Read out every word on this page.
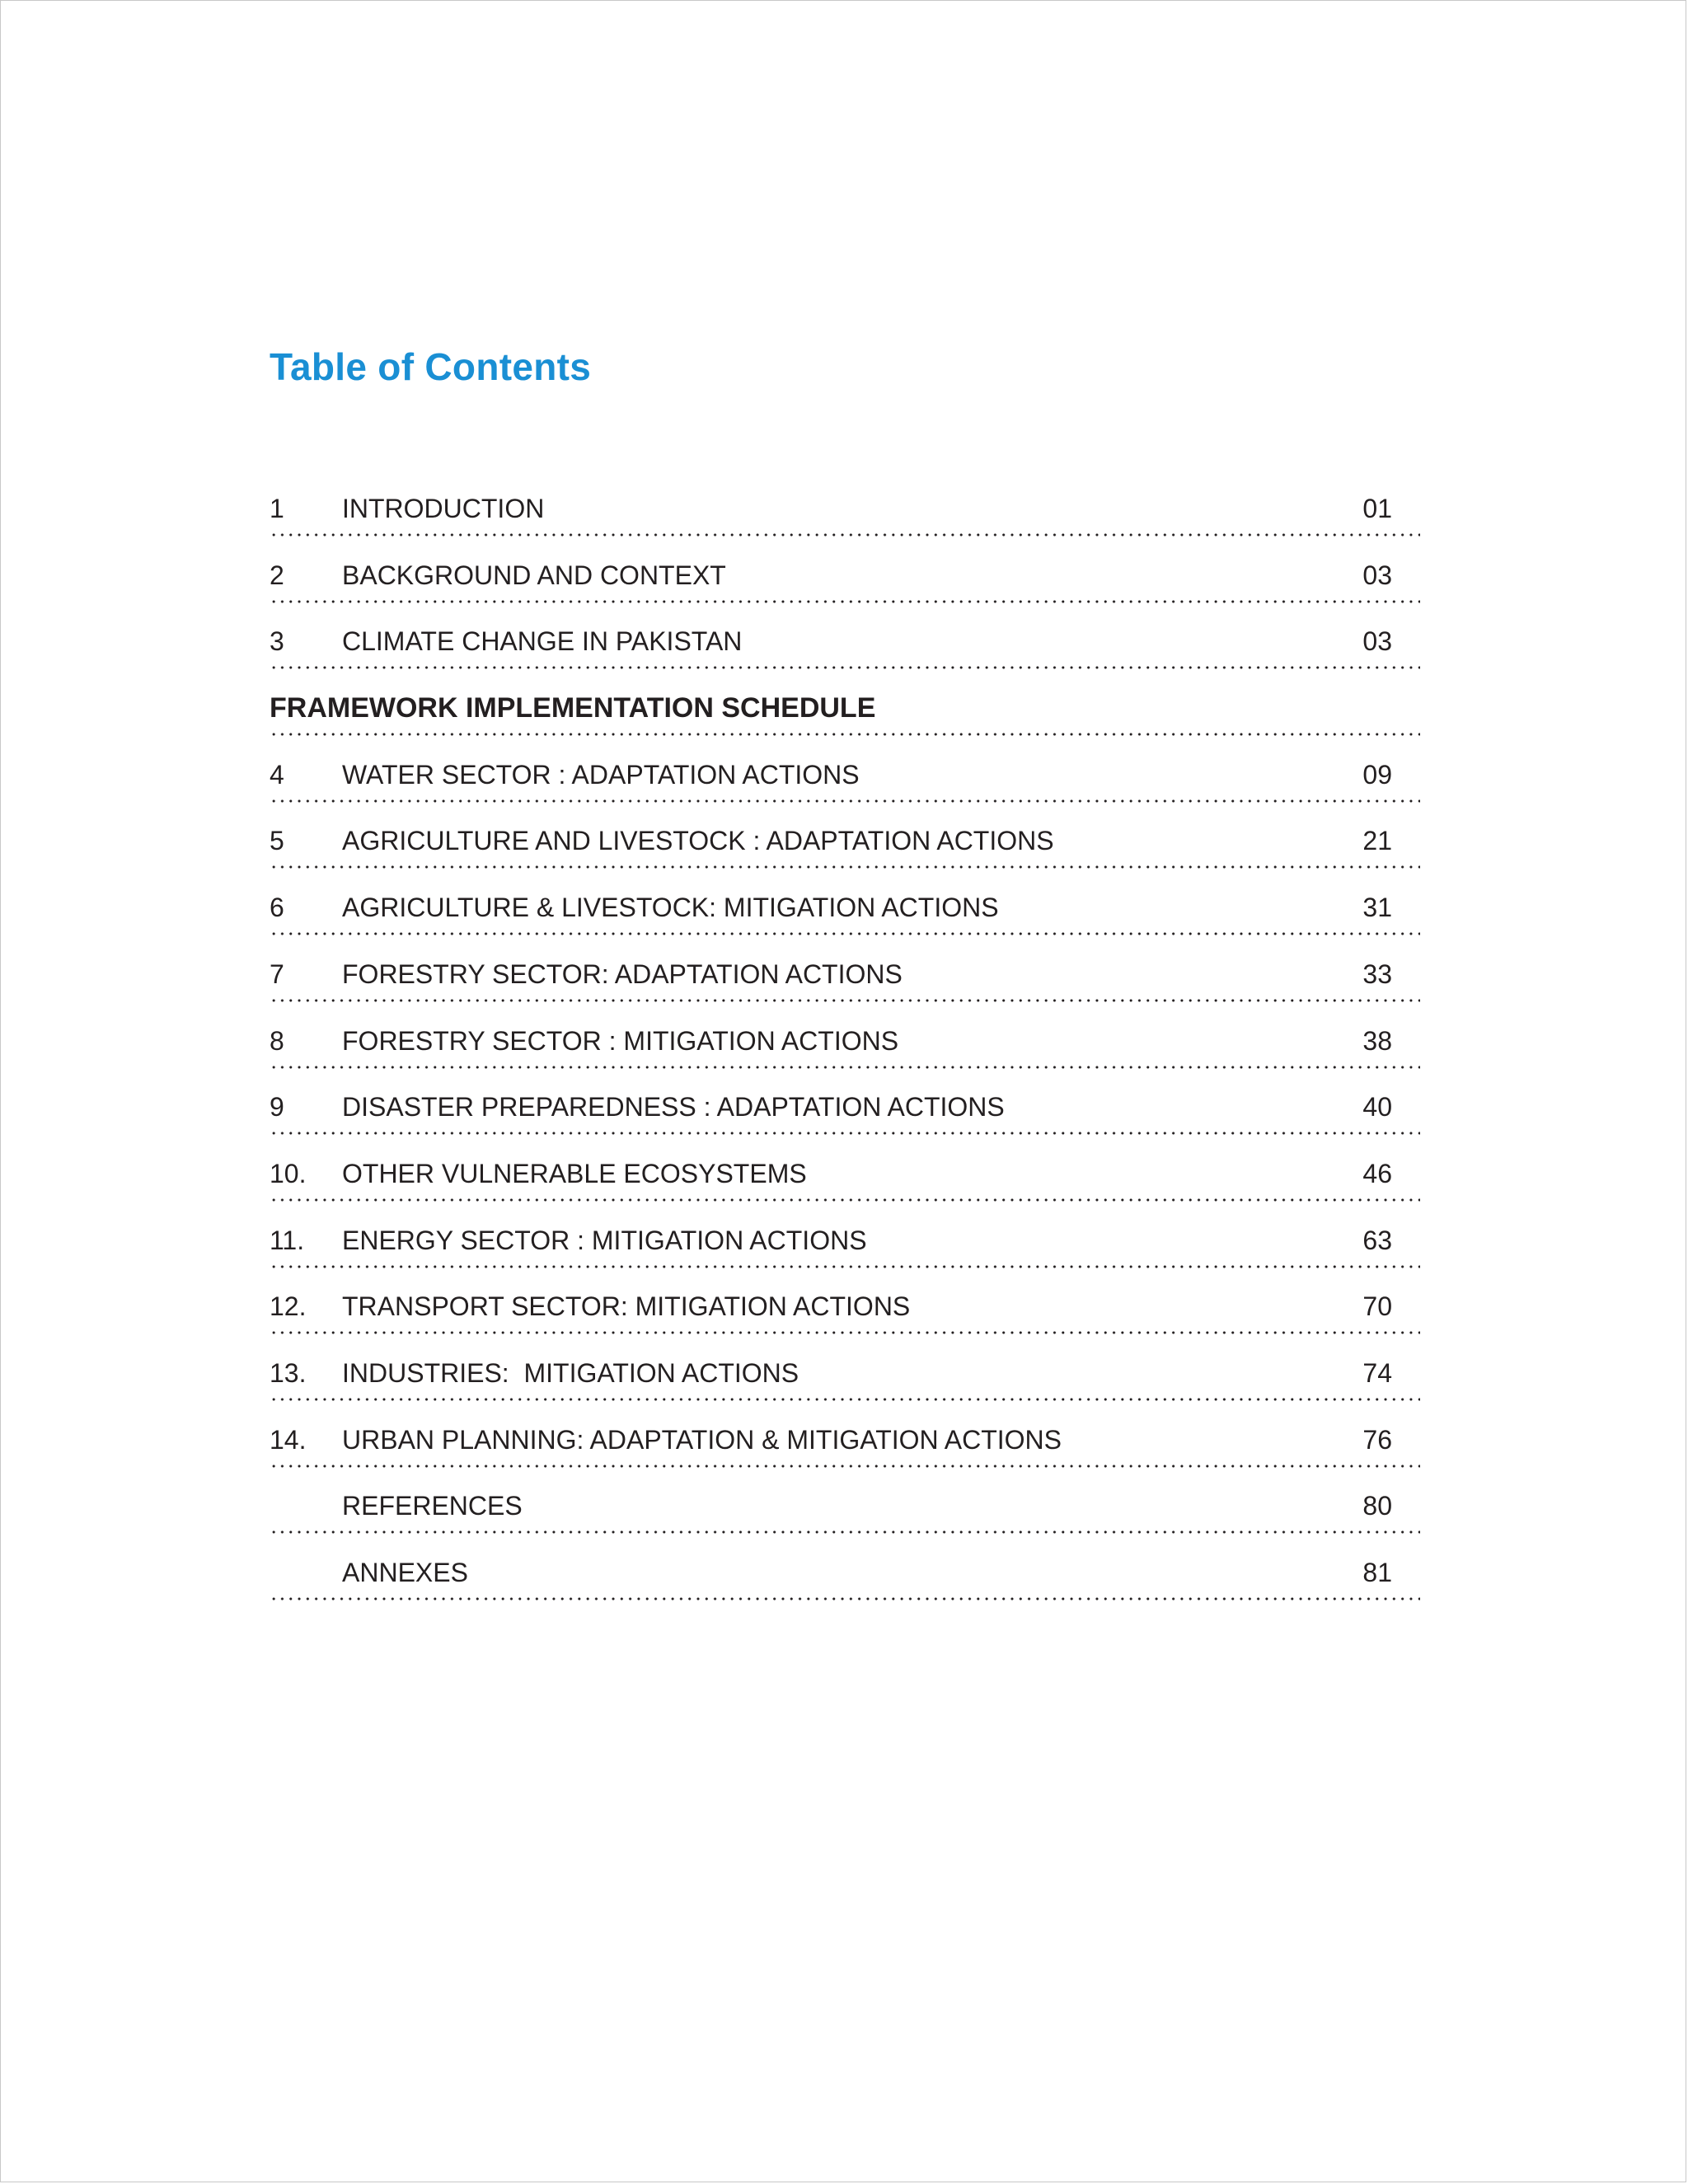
Table of Contents
1 INTRODUCTION	01
2 BACKGROUND AND CONTEXT	03
3 CLIMATE CHANGE IN PAKISTAN	03
FRAMEWORK IMPLEMENTATION SCHEDULE
4 WATER SECTOR : ADAPTATION ACTIONS	09
5 AGRICULTURE AND LIVESTOCK : ADAPTATION ACTIONS	21
6 AGRICULTURE & LIVESTOCK: MITIGATION ACTIONS	31
7 FORESTRY SECTOR: ADAPTATION ACTIONS	33
8 FORESTRY SECTOR : MITIGATION ACTIONS	38
9 DISASTER PREPAREDNESS : ADAPTATION ACTIONS	40
10. OTHER VULNERABLE ECOSYSTEMS	46
11. ENERGY SECTOR : MITIGATION ACTIONS	63
12. TRANSPORT SECTOR: MITIGATION ACTIONS	70
13. INDUSTRIES:  MITIGATION ACTIONS	74
14. URBAN PLANNING: ADAPTATION & MITIGATION ACTIONS	76
REFERENCES	80
ANNEXES	81
